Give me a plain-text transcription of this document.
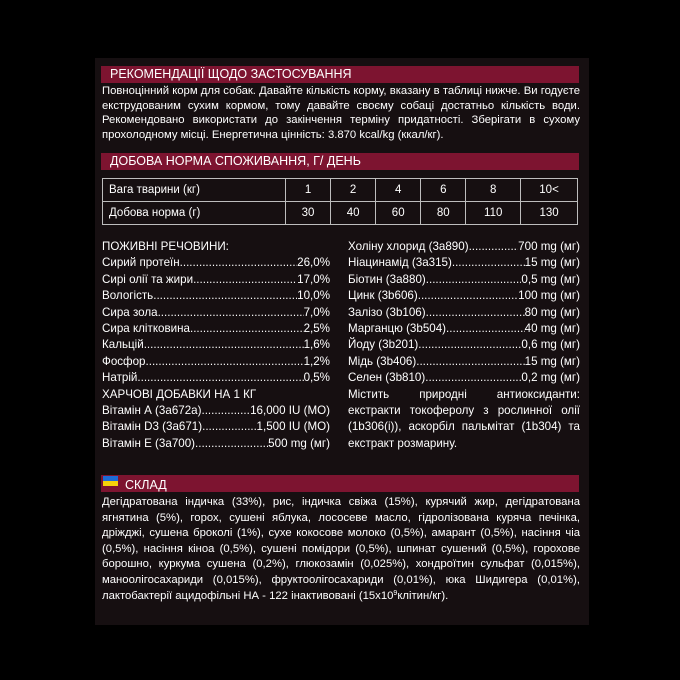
РЕКОМЕНДАЦІЇ ЩОДО ЗАСТОСУВАННЯ
Повноцінний корм для собак. Давайте кількість корму, вказану в таблиці нижче. Ви годуєте екструдованим сухим кормом, тому давайте своєму собаці достатньо кількість води. Рекомендовано використати до закінчення терміну придатності. Зберігати в сухому прохолодному місці. Енергетична цінність: 3.870 kcal/kg (ккал/кг).
ДОБОВА НОРМА СПОЖИВАННЯ, Г/ ДЕНЬ
Вага тварини (кг)	1	2	4	6	8	10<
Добова норма (г)	30	40	60	80	110	130
ПОЖИВНІ РЕЧОВИНИ:
Сирий протеїн .....	26,0%
Сирі олії та жири .....	17,0%
Вологість .....	10,0%
Сира зола .....	7,0%
Сира клітковина .....	2,5%
Кальцій .....	1,6%
Фосфор .....	1,2%
Натрій .....	0,5%
ХАРЧОВІ ДОБАВКИ НА 1 КГ
Вітамін А (3а672а) .....	16,000 IU (МО)
Вітамін D3 (3а671) .....	1,500 IU (МО)
Вітамін Е (3а700) .....	500 mg (мг)
Холіну хлорид (3а890) .....	700 mg (мг)
Ніацинамід (3а315) .....	15 mg (мг)
Біотин (3а880) .....	0,5 mg (мг)
Цинк (3b606) .....	100 mg (мг)
Залізо (3b106) .....	80 mg (мг)
Марганцю (3b504) .....	40 mg (мг)
Йоду (3b201) .....	0,6 mg (мг)
Мідь (3b406) .....	15 mg (мг)
Селен (3b810) .....	0,2 mg (мг)
Містить природні антиоксиданти: екстракти токоферолу з рослинної олії (1b306(i)), аскорбіл пальмітат (1b304) та екстракт розмарину.
СКЛАД
Дегідратована індичка (33%), рис, індичка свіжа (15%), курячий жир, дегідратована ягнятина (5%), горох, сушені яблука, лососеве масло, гідролізована куряча печінка, дріжджі, сушена броколі (1%), сухе кокосове молоко (0,5%), амарант (0,5%), насіння чіа (0,5%), насіння кіноа (0,5%), сушені помідори (0,5%), шпинат сушений (0,5%), горохове борошно, куркума сушена (0,2%), глюкозамін (0,025%), хондроїтин сульфат (0,015%), маноолігосахариди (0,015%), фруктоолігосахариди (0,01%), юка Шидигера (0,01%), лактобактерії ацидофільні НА - 122 інактивовані $(15х10^9клітин/кг)$.
